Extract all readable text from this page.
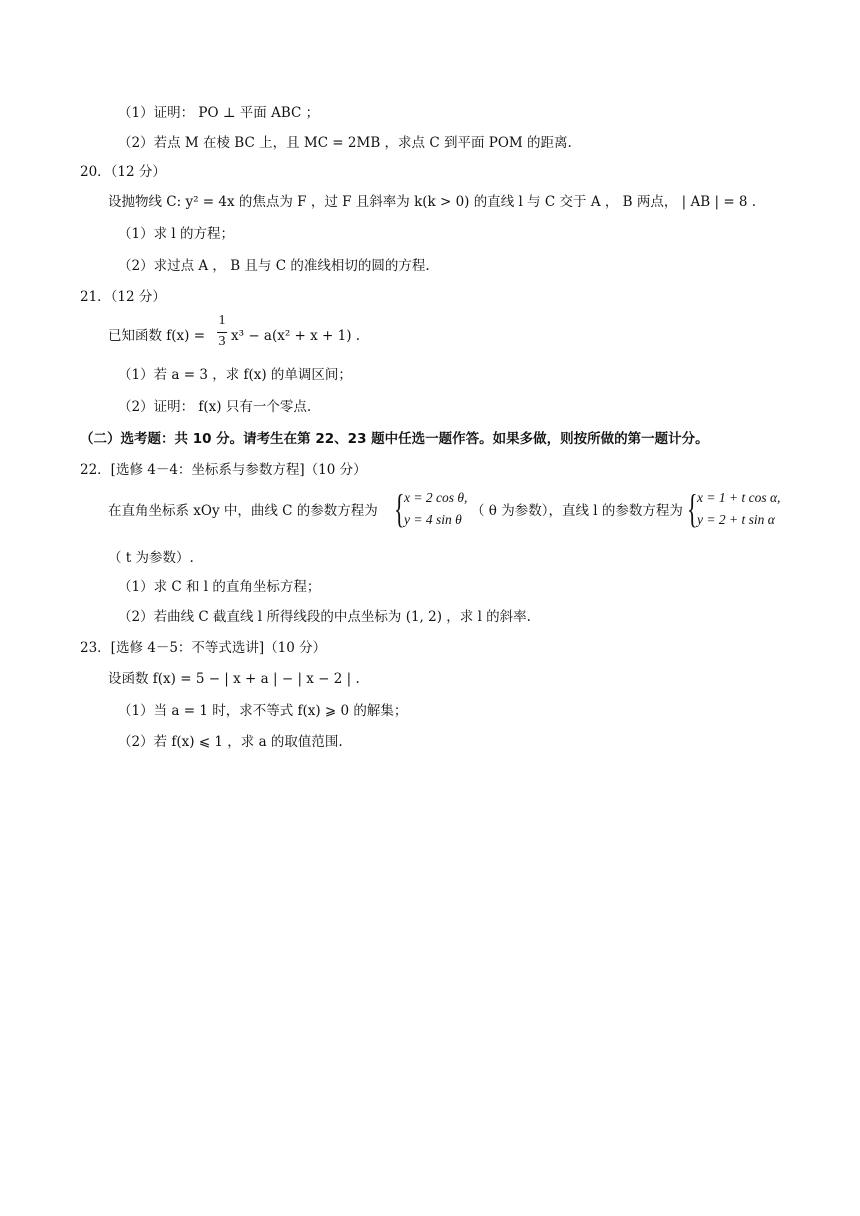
（1）证明： PO ⊥ 平面 ABC ；
（2）若点 M 在棱 BC 上，且 MC = 2MB ，求点 C 到平面 POM 的距离.
20．（12 分）
设抛物线 C: y² = 4x 的焦点为 F ，过 F 且斜率为 k(k > 0) 的直线 l 与 C 交于 A ， B 两点， | AB | = 8 .
（1）求 l 的方程；
（2）求过点 A ， B 且与 C 的准线相切的圆的方程.
21．（12 分）
已知函数 f(x) =
1
3 x³ − a(x² + x + 1) .
（1）若 a = 3 ，求 f(x) 的单调区间；
（2）证明： f(x) 只有一个零点.
（二）选考题：共 10 分。请考生在第 22、23 题中任选一题作答。如果多做，则按所做的第一题计分。
22．[选修 4－4：坐标系与参数方程]（10 分）
在直角坐标系 xOy 中，曲线 C 的参数方程为 { x = 2 cos θ,
y = 4 sin θ
（ θ 为参数），直线 l 的参数方程为 { x = 1 + t cos α,
y = 2 + t sin α
（ t 为参数）.
（1）求 C 和 l 的直角坐标方程；
（2）若曲线 C 截直线 l 所得线段的中点坐标为 (1, 2) ，求 l 的斜率.
23．[选修 4－5：不等式选讲]（10 分）
设函数 f(x) = 5 − | x + a | − | x − 2 | .
（1）当 a = 1 时，求不等式 f(x) ⩾ 0 的解集；
（2）若 f(x) ⩽ 1 ，求 a 的取值范围.
